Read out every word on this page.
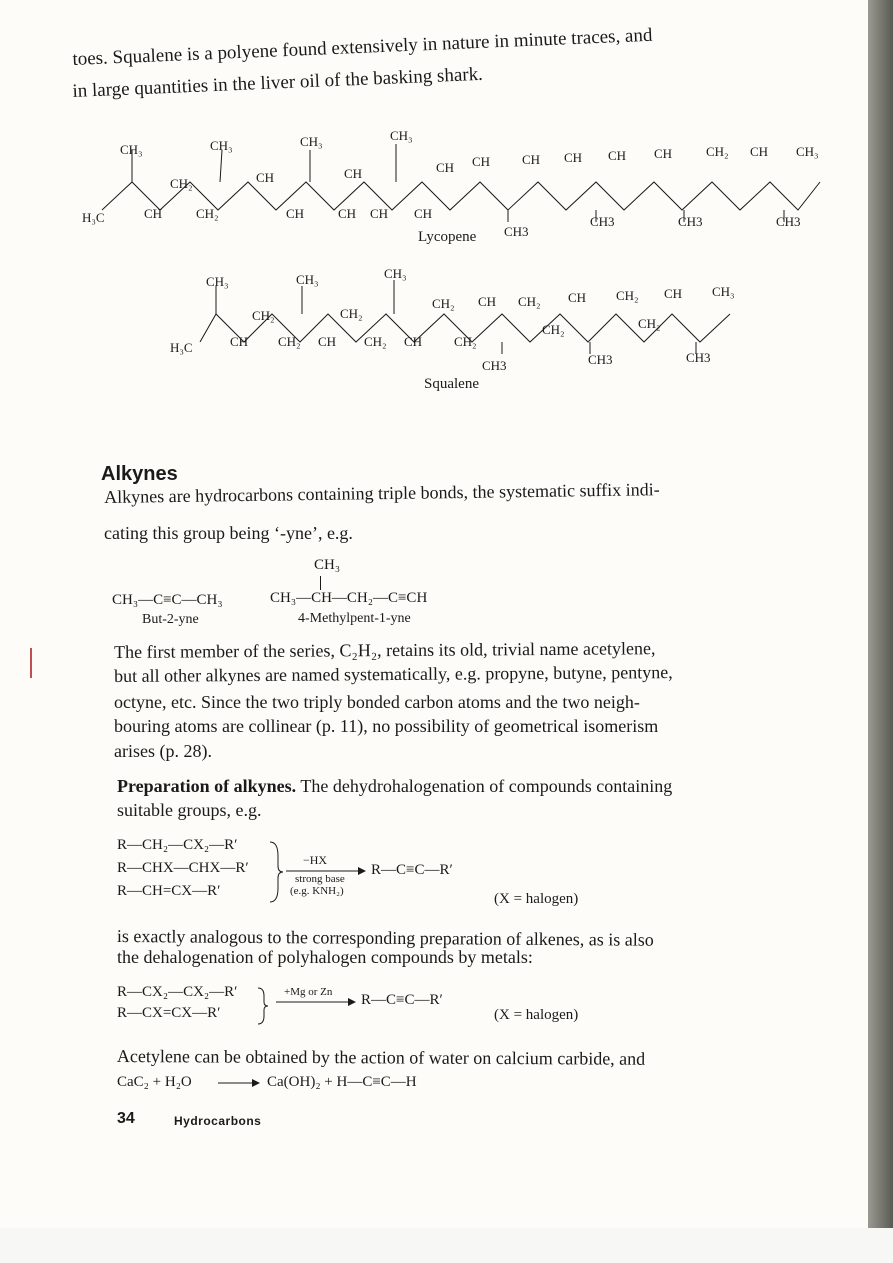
toes. Squalene is a polyene found extensively in nature in minute traces, and
in large quantities in the liver oil of the basking shark.
CH₃	CH₃	CH₃	CH₃
H₃C	CH
CH₂
CH₂
CH
CH
CH
CH CH CH
CH CH CH CH CH CH	CH₂ CH CH₃
CH3
CH3	CH3	CH3
Lycopene
CH₃	CH₃	CH₃
H₃C	CH
CH₂
CH₂ CH
CH₂
CH₂ CH
CH₂
CH₂
CH CH₂
CH₂
CH CH₂
CH₂
CH CH₃
CH3	CH3	CH3
Squalene
Alkynes
Alkynes are hydrocarbons containing triple bonds, the systematic suffix indi-
cating this group being ‘-yne’, e.g.
CH₃—C≡C—CH₃
But-2-yne
CH₃
CH₃—CH—CH₂—C≡CH
4-Methylpent-1-yne
The first member of the series, C₂H₂, retains its old, trivial name acetylene,
but all other alkynes are named systematically, e.g. propyne, butyne, pentyne,
octyne, etc. Since the two triply bonded carbon atoms and the two neigh-
bouring atoms are collinear (p. 11), no possibility of geometrical isomerism
arises (p. 28).
Preparation of alkynes. The dehydrohalogenation of compounds containing
suitable groups, e.g.
R—CH₂—CX₂—R′
R—CHX—CHX—R′
R—CH=CX—R′
−HX
strong base
(e.g. KNH₂)
R—C≡C—R′
(X = halogen)
is exactly analogous to the corresponding preparation of alkenes, as is also
the dehalogenation of polyhalogen compounds by metals:
R—CX₂—CX₂—R′
R—CX=CX—R′
+Mg or Zn R—C≡C—R′
(X = halogen)
Acetylene can be obtained by the action of water on calcium carbide, and
CaC₂ + H₂O	Ca(OH)₂ + H—C≡C—H
34	Hydrocarbons
